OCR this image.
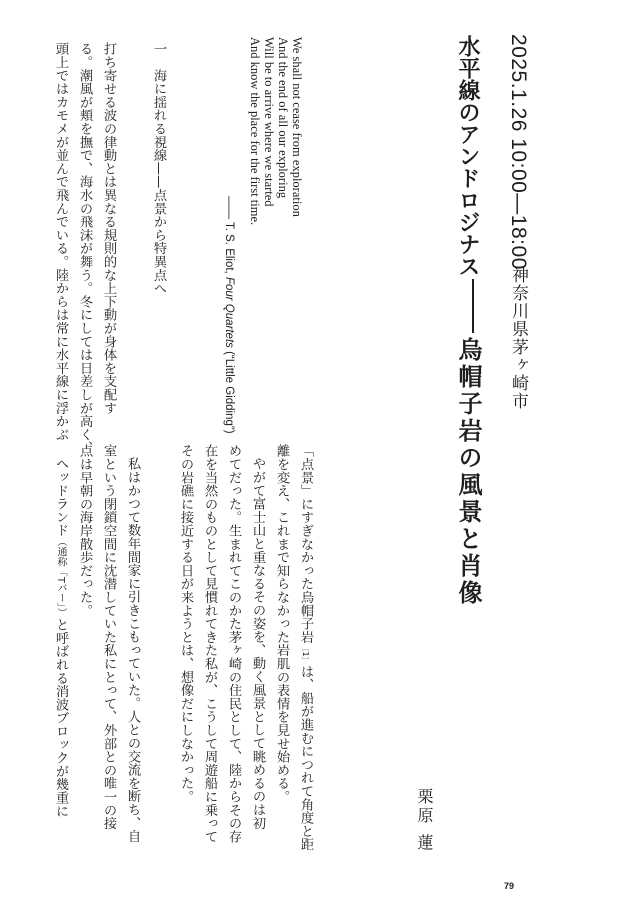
2025.1.26 10:00—18:00
神奈川県茅ヶ崎市
水平線のアンドロジナス烏帽子岩の風景と肖像
栗原蓮
79
We shall not cease from exploration
And the end of all our exploring
Will be to arrive where we started
And know the place for the first time.
—— T. S. Eliot, Four Quartets (“Little Gidding”)
一　海に揺れる視線——点景から特異点へ
打ち寄せる波の律動とは異なる規則的な上下動が身体を支配す
る。潮風が頬を撫で、海水の飛沫が舞う。冬にしては日差しが高く、
頭上ではカモメが並んで飛んでいる。陸からは常に水平線に浮かぶ
「点景」にすぎなかった烏帽子岩〔1〕は、船が進むにつれて角度と距
離を変え、これまで知らなかった岩肌の表情を見せ始める。
やがて富士山と重なるその姿を、動く風景として眺めるのは初
めてだった。生まれてこのかた茅ヶ崎の住民として、陸からその存
在を当然のものとして見慣れてきた私が、こうして周遊船に乗って
その岩礁に接近する日が来ようとは、想像だにしなかった。
私はかつて数年間家に引きこもっていた。人との交流を断ち、自
室という閉鎖空間に沈潜していた私にとって、外部との唯一の接
点は早朝の海岸散歩だった。
ヘッドランド（通称「Tバー」）と呼ばれる消波ブロックが幾重に
